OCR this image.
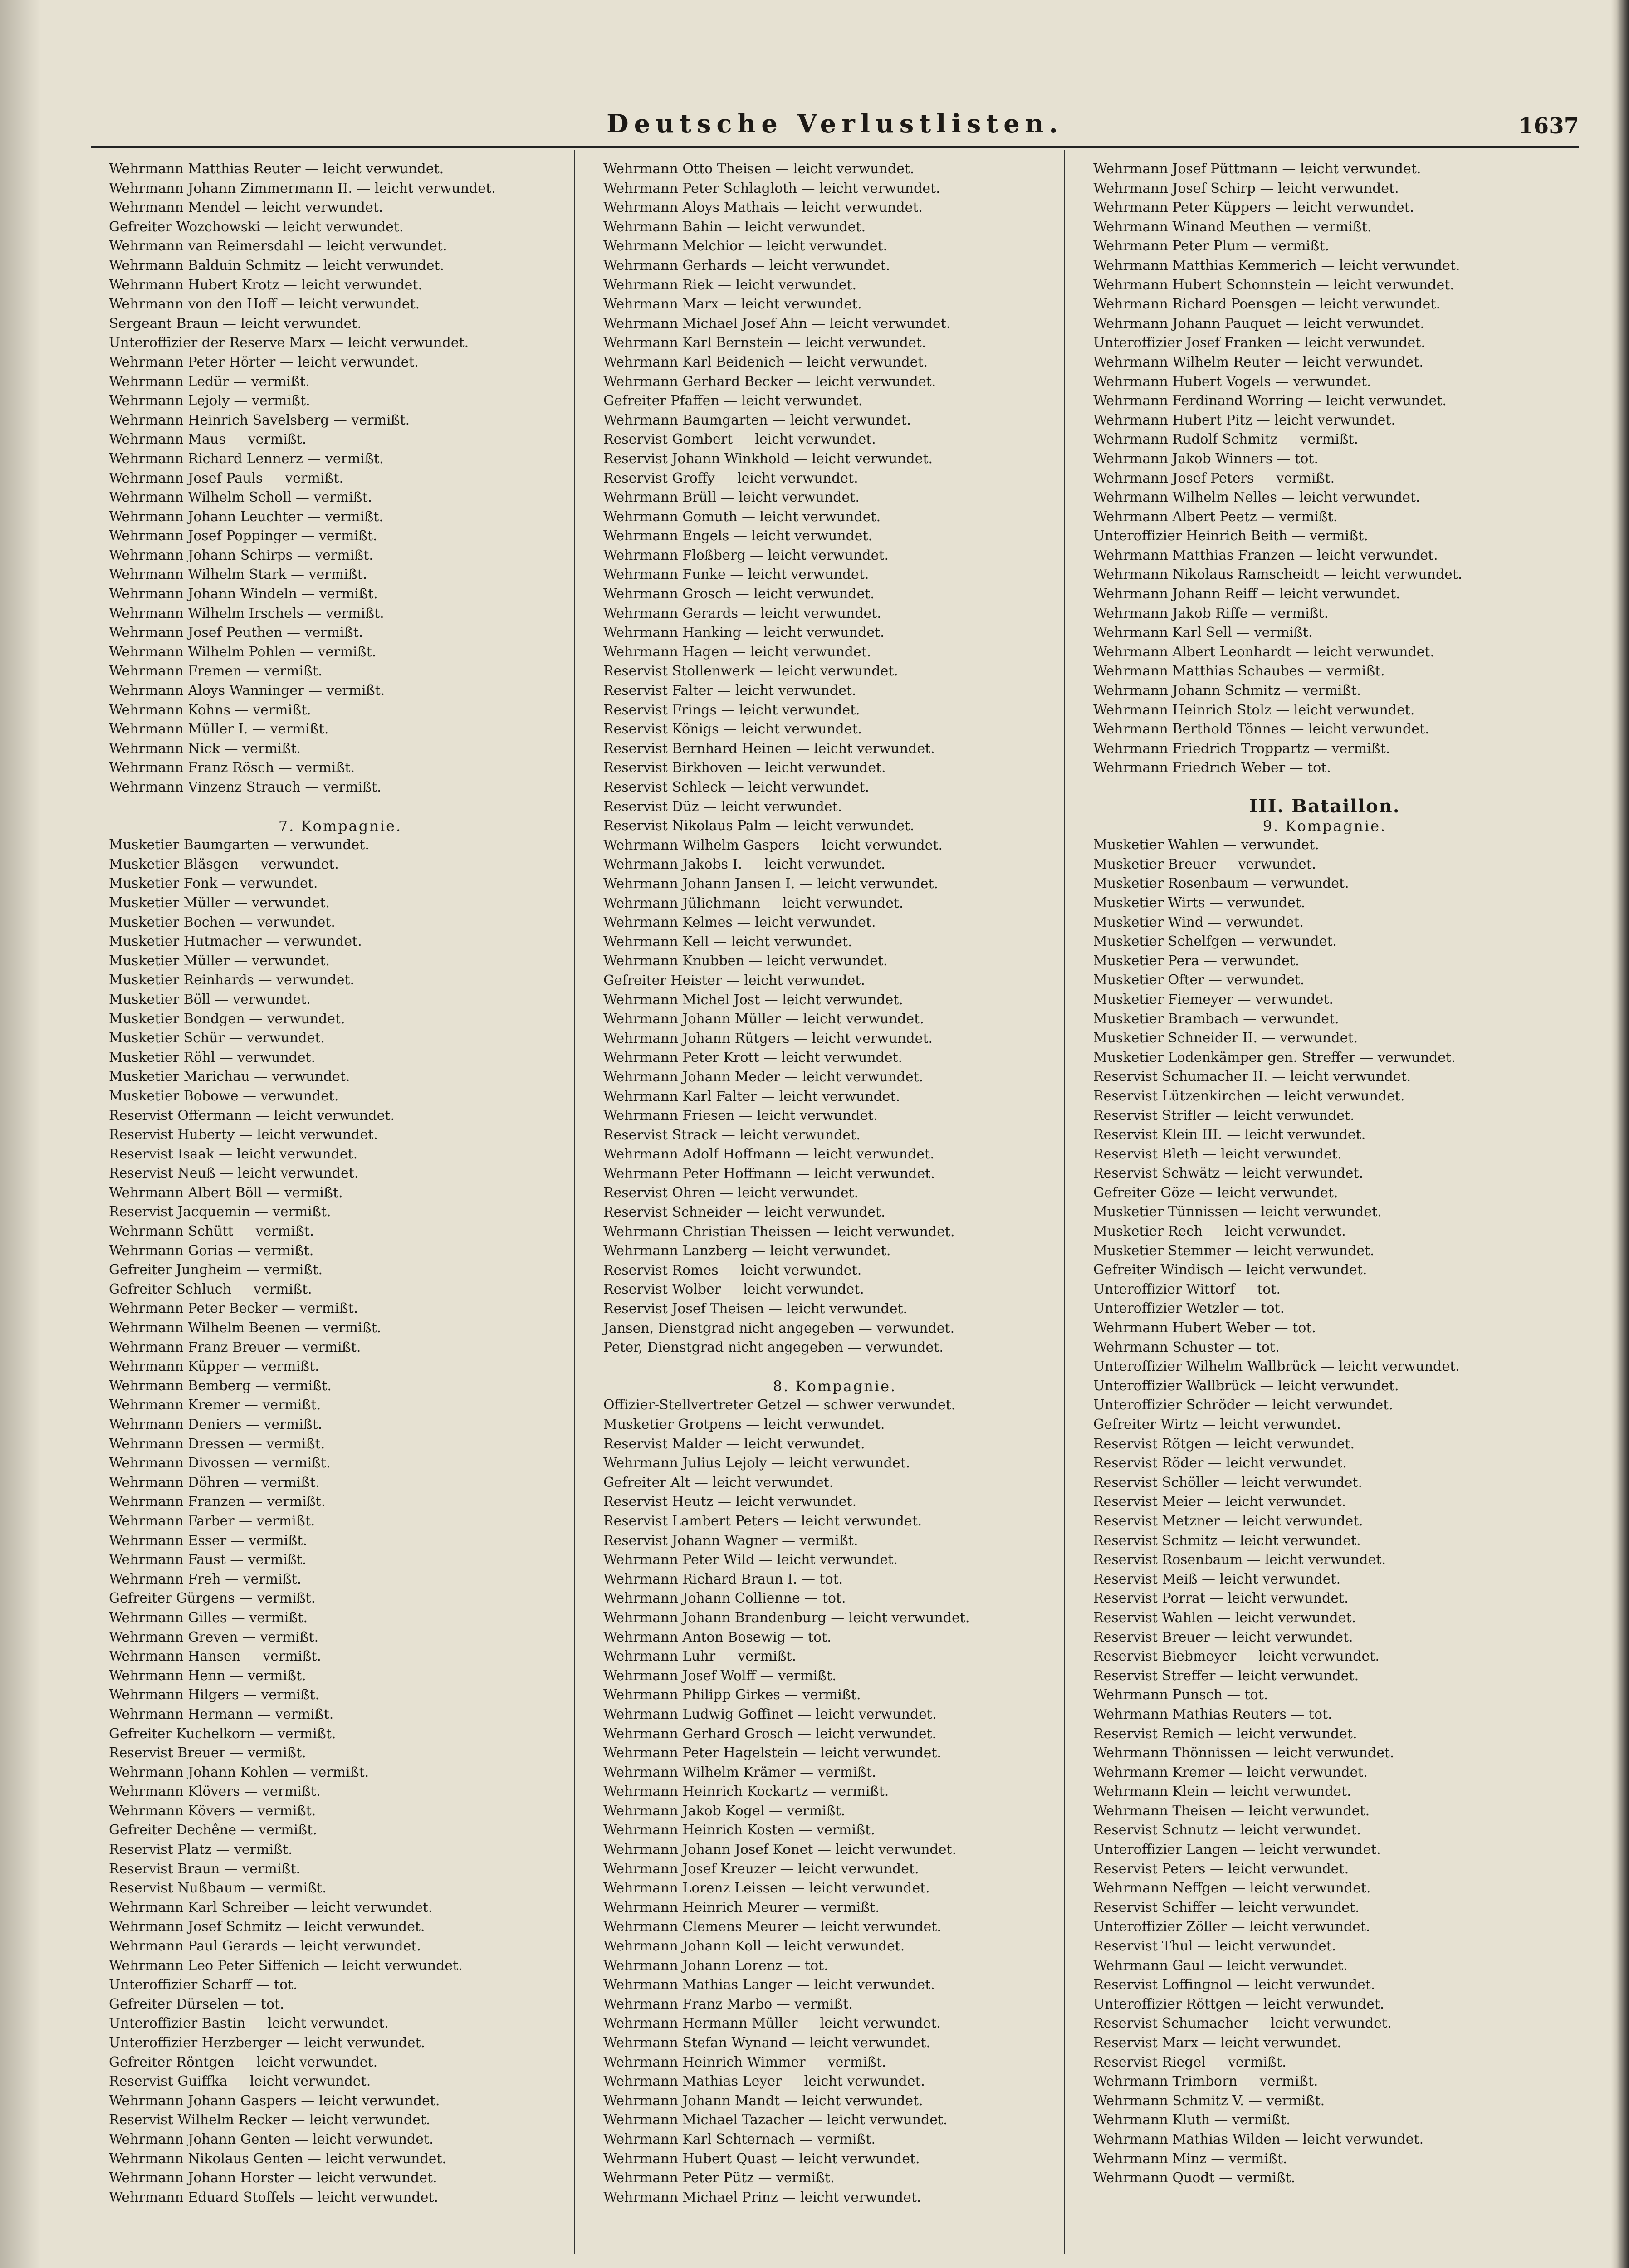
Deutsche Verlustlisten.	1637
Wehrmann Matthias Reuter — leicht verwundet.
Wehrmann Johann Zimmermann II. — leicht verwundet.
Wehrmann Mendel — leicht verwundet.
Gefreiter Wozchowski — leicht verwundet.
Wehrmann van Reimersdahl — leicht verwundet.
Wehrmann Balduin Schmitz — leicht verwundet.
Wehrmann Hubert Krotz — leicht verwundet.
Wehrmann von den Hoff — leicht verwundet.
Sergeant Braun — leicht verwundet.
Unteroffizier der Reserve Marx — leicht verwundet.
Wehrmann Peter Hörter — leicht verwundet.
Wehrmann Ledür — vermißt.
Wehrmann Lejoly — vermißt.
Wehrmann Heinrich Savelsberg — vermißt.
Wehrmann Maus — vermißt.
Wehrmann Richard Lennerz — vermißt.
Wehrmann Josef Pauls — vermißt.
Wehrmann Wilhelm Scholl — vermißt.
Wehrmann Johann Leuchter — vermißt.
Wehrmann Josef Poppinger — vermißt.
Wehrmann Johann Schirps — vermißt.
Wehrmann Wilhelm Stark — vermißt.
Wehrmann Johann Windeln — vermißt.
Wehrmann Wilhelm Irschels — vermißt.
Wehrmann Josef Peuthen — vermißt.
Wehrmann Wilhelm Pohlen — vermißt.
Wehrmann Fremen — vermißt.
Wehrmann Aloys Wanninger — vermißt.
Wehrmann Kohns — vermißt.
Wehrmann Müller I. — vermißt.
Wehrmann Nick — vermißt.
Wehrmann Franz Rösch — vermißt.
Wehrmann Vinzenz Strauch — vermißt.
7. Kompagnie.
Musketier Baumgarten — verwundet.
Musketier Bläsgen — verwundet.
Musketier Fonk — verwundet.
Musketier Müller — verwundet.
Musketier Bochen — verwundet.
Musketier Hutmacher — verwundet.
Musketier Müller — verwundet.
Musketier Reinhards — verwundet.
Musketier Böll — verwundet.
Musketier Bondgen — verwundet.
Musketier Schür — verwundet.
Musketier Röhl — verwundet.
Musketier Marichau — verwundet.
Musketier Bobowe — verwundet.
Reservist Offermann — leicht verwundet.
Reservist Huberty — leicht verwundet.
Reservist Isaak — leicht verwundet.
Reservist Neuß — leicht verwundet.
Wehrmann Albert Böll — vermißt.
Reservist Jacquemin — vermißt.
Wehrmann Schütt — vermißt.
Wehrmann Gorias — vermißt.
Gefreiter Jungheim — vermißt.
Gefreiter Schluch — vermißt.
Wehrmann Peter Becker — vermißt.
Wehrmann Wilhelm Beenen — vermißt.
Wehrmann Franz Breuer — vermißt.
Wehrmann Küpper — vermißt.
Wehrmann Bemberg — vermißt.
Wehrmann Kremer — vermißt.
Wehrmann Deniers — vermißt.
Wehrmann Dressen — vermißt.
Wehrmann Divossen — vermißt.
Wehrmann Döhren — vermißt.
Wehrmann Franzen — vermißt.
Wehrmann Farber — vermißt.
Wehrmann Esser — vermißt.
Wehrmann Faust — vermißt.
Wehrmann Freh — vermißt.
Gefreiter Gürgens — vermißt.
Wehrmann Gilles — vermißt.
Wehrmann Greven — vermißt.
Wehrmann Hansen — vermißt.
Wehrmann Henn — vermißt.
Wehrmann Hilgers — vermißt.
Wehrmann Hermann — vermißt.
Gefreiter Kuchelkorn — vermißt.
Reservist Breuer — vermißt.
Wehrmann Johann Kohlen — vermißt.
Wehrmann Klövers — vermißt.
Wehrmann Kövers — vermißt.
Gefreiter Dechêne — vermißt.
Reservist Platz — vermißt.
Reservist Braun — vermißt.
Reservist Nußbaum — vermißt.
Wehrmann Karl Schreiber — leicht verwundet.
Wehrmann Josef Schmitz — leicht verwundet.
Wehrmann Paul Gerards — leicht verwundet.
Wehrmann Leo Peter Siffenich — leicht verwundet.
Unteroffizier Scharff — tot.
Gefreiter Dürselen — tot.
Unteroffizier Bastin — leicht verwundet.
Unteroffizier Herzberger — leicht verwundet.
Gefreiter Röntgen — leicht verwundet.
Reservist Guiffka — leicht verwundet.
Wehrmann Johann Gaspers — leicht verwundet.
Reservist Wilhelm Recker — leicht verwundet.
Wehrmann Johann Genten — leicht verwundet.
Wehrmann Nikolaus Genten — leicht verwundet.
Wehrmann Johann Horster — leicht verwundet.
Wehrmann Eduard Stoffels — leicht verwundet.
Wehrmann Otto Theisen — leicht verwundet.
Wehrmann Peter Schlagloth — leicht verwundet.
Wehrmann Aloys Mathais — leicht verwundet.
Wehrmann Bahin — leicht verwundet.
Wehrmann Melchior — leicht verwundet.
Wehrmann Gerhards — leicht verwundet.
Wehrmann Riek — leicht verwundet.
Wehrmann Marx — leicht verwundet.
Wehrmann Michael Josef Ahn — leicht verwundet.
Wehrmann Karl Bernstein — leicht verwundet.
Wehrmann Karl Beidenich — leicht verwundet.
Wehrmann Gerhard Becker — leicht verwundet.
Gefreiter Pfaffen — leicht verwundet.
Wehrmann Baumgarten — leicht verwundet.
Reservist Gombert — leicht verwundet.
Reservist Johann Winkhold — leicht verwundet.
Reservist Groffy — leicht verwundet.
Wehrmann Brüll — leicht verwundet.
Wehrmann Gomuth — leicht verwundet.
Wehrmann Engels — leicht verwundet.
Wehrmann Floßberg — leicht verwundet.
Wehrmann Funke — leicht verwundet.
Wehrmann Grosch — leicht verwundet.
Wehrmann Gerards — leicht verwundet.
Wehrmann Hanking — leicht verwundet.
Wehrmann Hagen — leicht verwundet.
Reservist Stollenwerk — leicht verwundet.
Reservist Falter — leicht verwundet.
Reservist Frings — leicht verwundet.
Reservist Königs — leicht verwundet.
Reservist Bernhard Heinen — leicht verwundet.
Reservist Birkhoven — leicht verwundet.
Reservist Schleck — leicht verwundet.
Reservist Düz — leicht verwundet.
Reservist Nikolaus Palm — leicht verwundet.
Wehrmann Wilhelm Gaspers — leicht verwundet.
Wehrmann Jakobs I. — leicht verwundet.
Wehrmann Johann Jansen I. — leicht verwundet.
Wehrmann Jülichmann — leicht verwundet.
Wehrmann Kelmes — leicht verwundet.
Wehrmann Kell — leicht verwundet.
Wehrmann Knubben — leicht verwundet.
Gefreiter Heister — leicht verwundet.
Wehrmann Michel Jost — leicht verwundet.
Wehrmann Johann Müller — leicht verwundet.
Wehrmann Johann Rütgers — leicht verwundet.
Wehrmann Peter Krott — leicht verwundet.
Wehrmann Johann Meder — leicht verwundet.
Wehrmann Karl Falter — leicht verwundet.
Wehrmann Friesen — leicht verwundet.
Reservist Strack — leicht verwundet.
Wehrmann Adolf Hoffmann — leicht verwundet.
Wehrmann Peter Hoffmann — leicht verwundet.
Reservist Ohren — leicht verwundet.
Reservist Schneider — leicht verwundet.
Wehrmann Christian Theissen — leicht verwundet.
Wehrmann Lanzberg — leicht verwundet.
Reservist Romes — leicht verwundet.
Reservist Wolber — leicht verwundet.
Reservist Josef Theisen — leicht verwundet.
Jansen, Dienstgrad nicht angegeben — verwundet.
Peter, Dienstgrad nicht angegeben — verwundet.
8. Kompagnie.
Offizier-Stellvertreter Getzel — schwer verwundet.
Musketier Grotpens — leicht verwundet.
Reservist Malder — leicht verwundet.
Wehrmann Julius Lejoly — leicht verwundet.
Gefreiter Alt — leicht verwundet.
Reservist Heutz — leicht verwundet.
Reservist Lambert Peters — leicht verwundet.
Reservist Johann Wagner — vermißt.
Wehrmann Peter Wild — leicht verwundet.
Wehrmann Richard Braun I. — tot.
Wehrmann Johann Collienne — tot.
Wehrmann Johann Brandenburg — leicht verwundet.
Wehrmann Anton Bosewig — tot.
Wehrmann Luhr — vermißt.
Wehrmann Josef Wolff — vermißt.
Wehrmann Philipp Girkes — vermißt.
Wehrmann Ludwig Goffinet — leicht verwundet.
Wehrmann Gerhard Grosch — leicht verwundet.
Wehrmann Peter Hagelstein — leicht verwundet.
Wehrmann Wilhelm Krämer — vermißt.
Wehrmann Heinrich Kockartz — vermißt.
Wehrmann Jakob Kogel — vermißt.
Wehrmann Heinrich Kosten — vermißt.
Wehrmann Johann Josef Konet — leicht verwundet.
Wehrmann Josef Kreuzer — leicht verwundet.
Wehrmann Lorenz Leissen — leicht verwundet.
Wehrmann Heinrich Meurer — vermißt.
Wehrmann Clemens Meurer — leicht verwundet.
Wehrmann Johann Koll — leicht verwundet.
Wehrmann Johann Lorenz — tot.
Wehrmann Mathias Langer — leicht verwundet.
Wehrmann Franz Marbo — vermißt.
Wehrmann Hermann Müller — leicht verwundet.
Wehrmann Stefan Wynand — leicht verwundet.
Wehrmann Heinrich Wimmer — vermißt.
Wehrmann Mathias Leyer — leicht verwundet.
Wehrmann Johann Mandt — leicht verwundet.
Wehrmann Michael Tazacher — leicht verwundet.
Wehrmann Karl Schternach — vermißt.
Wehrmann Hubert Quast — leicht verwundet.
Wehrmann Peter Pütz — vermißt.
Wehrmann Michael Prinz — leicht verwundet.
Wehrmann Josef Püttmann — leicht verwundet.
Wehrmann Josef Schirp — leicht verwundet.
Wehrmann Peter Küppers — leicht verwundet.
Wehrmann Winand Meuthen — vermißt.
Wehrmann Peter Plum — vermißt.
Wehrmann Matthias Kemmerich — leicht verwundet.
Wehrmann Hubert Schonnstein — leicht verwundet.
Wehrmann Richard Poensgen — leicht verwundet.
Wehrmann Johann Pauquet — leicht verwundet.
Unteroffizier Josef Franken — leicht verwundet.
Wehrmann Wilhelm Reuter — leicht verwundet.
Wehrmann Hubert Vogels — verwundet.
Wehrmann Ferdinand Worring — leicht verwundet.
Wehrmann Hubert Pitz — leicht verwundet.
Wehrmann Rudolf Schmitz — vermißt.
Wehrmann Jakob Winners — tot.
Wehrmann Josef Peters — vermißt.
Wehrmann Wilhelm Nelles — leicht verwundet.
Wehrmann Albert Peetz — vermißt.
Unteroffizier Heinrich Beith — vermißt.
Wehrmann Matthias Franzen — leicht verwundet.
Wehrmann Nikolaus Ramscheidt — leicht verwundet.
Wehrmann Johann Reiff — leicht verwundet.
Wehrmann Jakob Riffe — vermißt.
Wehrmann Karl Sell — vermißt.
Wehrmann Albert Leonhardt — leicht verwundet.
Wehrmann Matthias Schaubes — vermißt.
Wehrmann Johann Schmitz — vermißt.
Wehrmann Heinrich Stolz — leicht verwundet.
Wehrmann Berthold Tönnes — leicht verwundet.
Wehrmann Friedrich Troppartz — vermißt.
Wehrmann Friedrich Weber — tot.
III. Bataillon.
9. Kompagnie.
Musketier Wahlen — verwundet.
Musketier Breuer — verwundet.
Musketier Rosenbaum — verwundet.
Musketier Wirts — verwundet.
Musketier Wind — verwundet.
Musketier Schelfgen — verwundet.
Musketier Pera — verwundet.
Musketier Ofter — verwundet.
Musketier Fiemeyer — verwundet.
Musketier Brambach — verwundet.
Musketier Schneider II. — verwundet.
Musketier Lodenkämper gen. Streffer — verwundet.
Reservist Schumacher II. — leicht verwundet.
Reservist Lützenkirchen — leicht verwundet.
Reservist Strifler — leicht verwundet.
Reservist Klein III. — leicht verwundet.
Reservist Bleth — leicht verwundet.
Reservist Schwätz — leicht verwundet.
Gefreiter Göze — leicht verwundet.
Musketier Tünnissen — leicht verwundet.
Musketier Rech — leicht verwundet.
Musketier Stemmer — leicht verwundet.
Gefreiter Windisch — leicht verwundet.
Unteroffizier Wittorf — tot.
Unteroffizier Wetzler — tot.
Wehrmann Hubert Weber — tot.
Wehrmann Schuster — tot.
Unteroffizier Wilhelm Wallbrück — leicht verwundet.
Unteroffizier Wallbrück — leicht verwundet.
Unteroffizier Schröder — leicht verwundet.
Gefreiter Wirtz — leicht verwundet.
Reservist Rötgen — leicht verwundet.
Reservist Röder — leicht verwundet.
Reservist Schöller — leicht verwundet.
Reservist Meier — leicht verwundet.
Reservist Metzner — leicht verwundet.
Reservist Schmitz — leicht verwundet.
Reservist Rosenbaum — leicht verwundet.
Reservist Meiß — leicht verwundet.
Reservist Porrat — leicht verwundet.
Reservist Wahlen — leicht verwundet.
Reservist Breuer — leicht verwundet.
Reservist Biebmeyer — leicht verwundet.
Reservist Streffer — leicht verwundet.
Wehrmann Punsch — tot.
Wehrmann Mathias Reuters — tot.
Reservist Remich — leicht verwundet.
Wehrmann Thönnissen — leicht verwundet.
Wehrmann Kremer — leicht verwundet.
Wehrmann Klein — leicht verwundet.
Wehrmann Theisen — leicht verwundet.
Reservist Schnutz — leicht verwundet.
Unteroffizier Langen — leicht verwundet.
Reservist Peters — leicht verwundet.
Wehrmann Neffgen — leicht verwundet.
Reservist Schiffer — leicht verwundet.
Unteroffizier Zöller — leicht verwundet.
Reservist Thul — leicht verwundet.
Wehrmann Gaul — leicht verwundet.
Reservist Loffingnol — leicht verwundet.
Unteroffizier Röttgen — leicht verwundet.
Reservist Schumacher — leicht verwundet.
Reservist Marx — leicht verwundet.
Reservist Riegel — vermißt.
Wehrmann Trimborn — vermißt.
Wehrmann Schmitz V. — vermißt.
Wehrmann Kluth — vermißt.
Wehrmann Mathias Wilden — leicht verwundet.
Wehrmann Minz — vermißt.
Wehrmann Quodt — vermißt.
